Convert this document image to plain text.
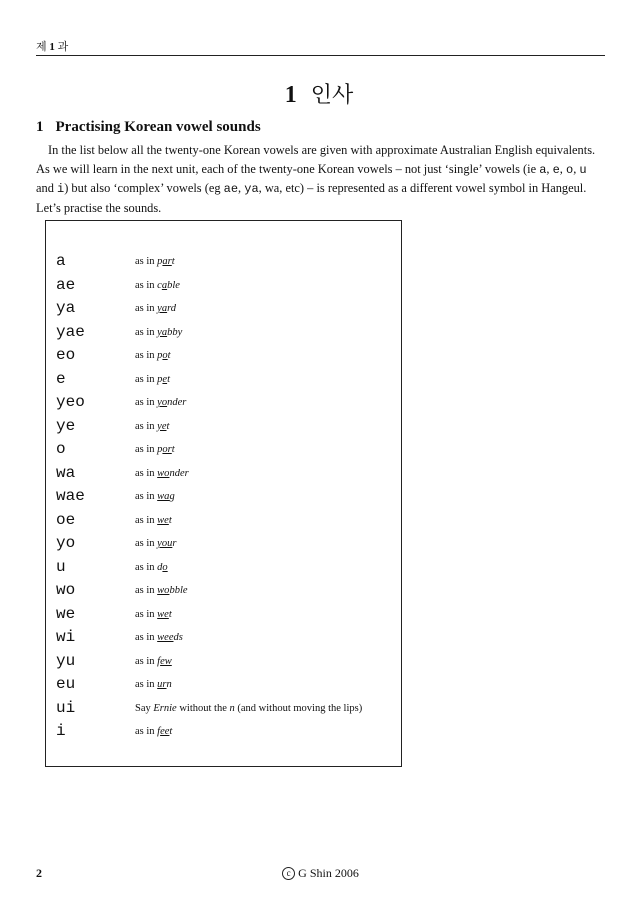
제 1 과
1 인사
1 Practising Korean vowel sounds

In the list below all the twenty-one Korean vowels are given with approximate Australian English equivalents. As we will learn in the next unit, each of the twenty-one Korean vowels – not just ‘single’ vowels (ie a, e, o, u and i) but also ‘complex’ vowels (eg ae, ya, wa, etc) – is represented as a different vowel symbol in Hangeul. Let’s practise the sounds.

a	as in part
ae	as in cable
ya	as in yard
yae	as in yabby
eo	as in pot
e	as in pet
yeo	as in yonder
ye	as in yet
o	as in port
wa	as in wonder
wae	as in wag
oe	as in wet
yo	as in your
u	as in do
wo	as in wobble
we	as in wet
wi	as in weeds
yu	as in few
eu	as in urn
ui	Say Ernie without the n (and without moving the lips)
i	as in feet
2	c G Shin 2006
